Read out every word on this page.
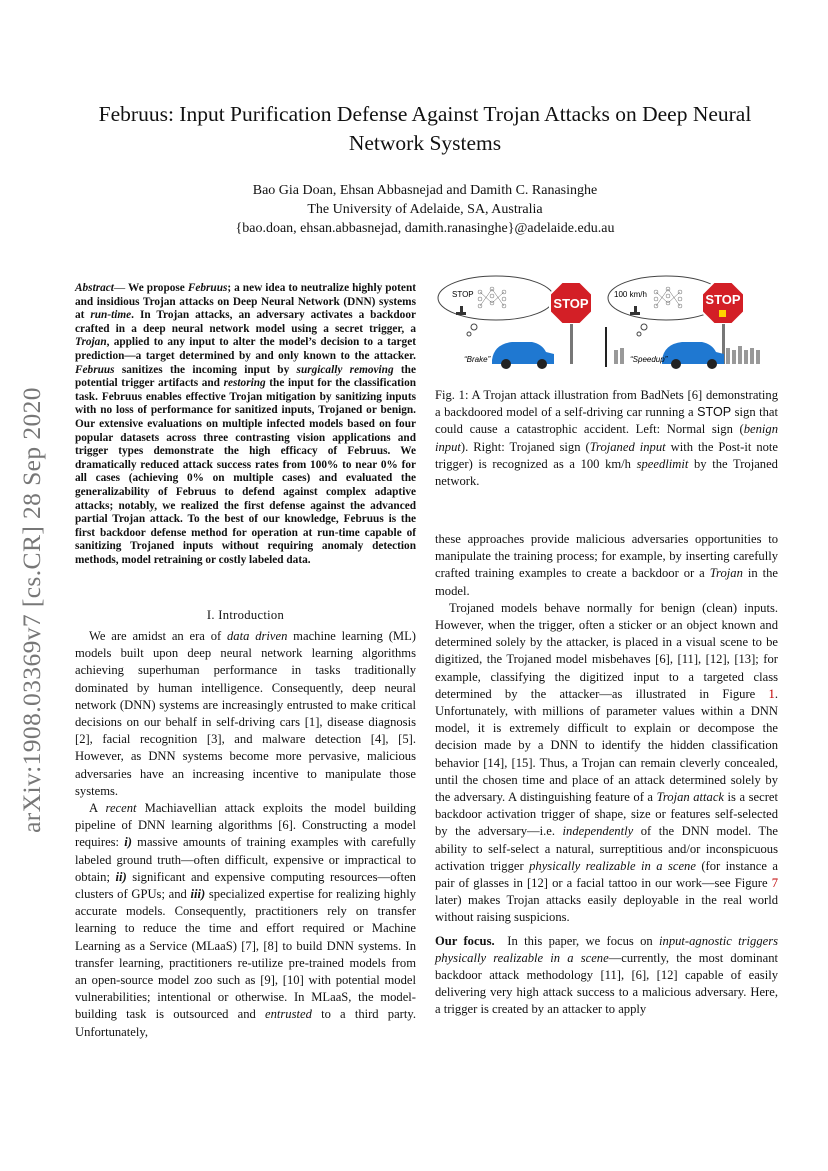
Februus: Input Purification Defense Against Trojan Attacks on Deep Neural Network Systems
Bao Gia Doan, Ehsan Abbasnejad and Damith C. Ranasinghe
The University of Adelaide, SA, Australia
{bao.doan, ehsan.abbasnejad, damith.ranasinghe}@adelaide.edu.au
arXiv:1908.03369v7 [cs.CR] 28 Sep 2020
Abstract— We propose Februus; a new idea to neutralize highly potent and insidious Trojan attacks on Deep Neural Network (DNN) systems at run-time. In Trojan attacks, an adversary activates a backdoor crafted in a deep neural network model using a secret trigger, a Trojan, applied to any input to alter the model’s decision to a target prediction—a target determined by and only known to the attacker. Februus sanitizes the incoming input by surgically removing the potential trigger artifacts and restoring the input for the classification task. Februus enables effective Trojan mitigation by sanitizing inputs with no loss of performance for sanitized inputs, Trojaned or benign. Our extensive evaluations on multiple infected models based on four popular datasets across three contrasting vision applications and trigger types demonstrate the high efficacy of Februus. We dramatically reduced attack success rates from 100% to near 0% for all cases (achieving 0% on multiple cases) and evaluated the generalizability of Februus to defend against complex adaptive attacks; notably, we realized the first defense against the advanced partial Trojan attack. To the best of our knowledge, Februus is the first backdoor defense method for operation at run-time capable of sanitizing Trojaned inputs without requiring anomaly detection methods, model retraining or costly labeled data.
I. Introduction

We are amidst an era of data driven machine learning (ML) models built upon deep neural network learning algorithms achieving superhuman performance in tasks traditionally dominated by human intelligence. Consequently, deep neural network (DNN) systems are increasingly entrusted to make critical decisions on our behalf in self-driving cars [1], disease diagnosis [2], facial recognition [3], and malware detection [4], [5]. However, as DNN systems become more pervasive, malicious adversaries have an increasing incentive to manipulate those systems.

A recent Machiavellian attack exploits the model building pipeline of DNN learning algorithms [6]. Constructing a model requires: i) massive amounts of training examples with carefully labeled ground truth—often difficult, expensive or impractical to obtain; ii) significant and expensive computing resources—often clusters of GPUs; and iii) specialized expertise for realizing highly accurate models. Consequently, practitioners rely on transfer learning to reduce the time and effort required or Machine Learning as a Service (MLaaS) [7], [8] to build DNN systems. In transfer learning, practitioners re-utilize pre-trained models from an open-source model zoo such as [9], [10] with potential model vulnerabilities; intentional or otherwise. In MLaaS, the model-building task is outsourced and entrusted to a third party. Unfortunately,

STOP
STOP
“Brake”
100 km/h	STOP
“Speedup”
Fig. 1: A Trojan attack illustration from BadNets [6] demonstrating a backdoored model of a self-driving car running a STOP sign that could cause a catastrophic accident. Left: Normal sign (benign input). Right: Trojaned sign (Trojaned input with the Post-it note trigger) is recognized as a 100 km/h speedlimit by the Trojaned network.

these approaches provide malicious adversaries opportunities to manipulate the training process; for example, by inserting carefully crafted training examples to create a backdoor or a Trojan in the model.

Trojaned models behave normally for benign (clean) inputs. However, when the trigger, often a sticker or an object known and determined solely by the attacker, is placed in a visual scene to be digitized, the Trojaned model misbehaves [6], [11], [12], [13]; for example, classifying the digitized input to a targeted class determined by the attacker—as illustrated in Figure 1. Unfortunately, with millions of parameter values within a DNN model, it is extremely difficult to explain or decompose the decision made by a DNN to identify the hidden classification behavior [14], [15]. Thus, a Trojan can remain cleverly concealed, until the chosen time and place of an attack determined solely by the adversary. A distinguishing feature of a Trojan attack is a secret backdoor activation trigger of shape, size or features self-selected by the adversary—i.e. independently of the DNN model. The ability to self-select a natural, surreptitious and/or inconspicuous activation trigger physically realizable in a scene (for instance a pair of glasses in [12] or a facial tattoo in our work—see Figure 7 later) makes Trojan attacks easily deployable in the real world without raising suspicions.

Our focus. In this paper, we focus on input-agnostic triggers physically realizable in a scene—currently, the most dominant backdoor attack methodology [11], [6], [12] capable of easily delivering very high attack success to a malicious adversary. Here, a trigger is created by an attacker to apply
